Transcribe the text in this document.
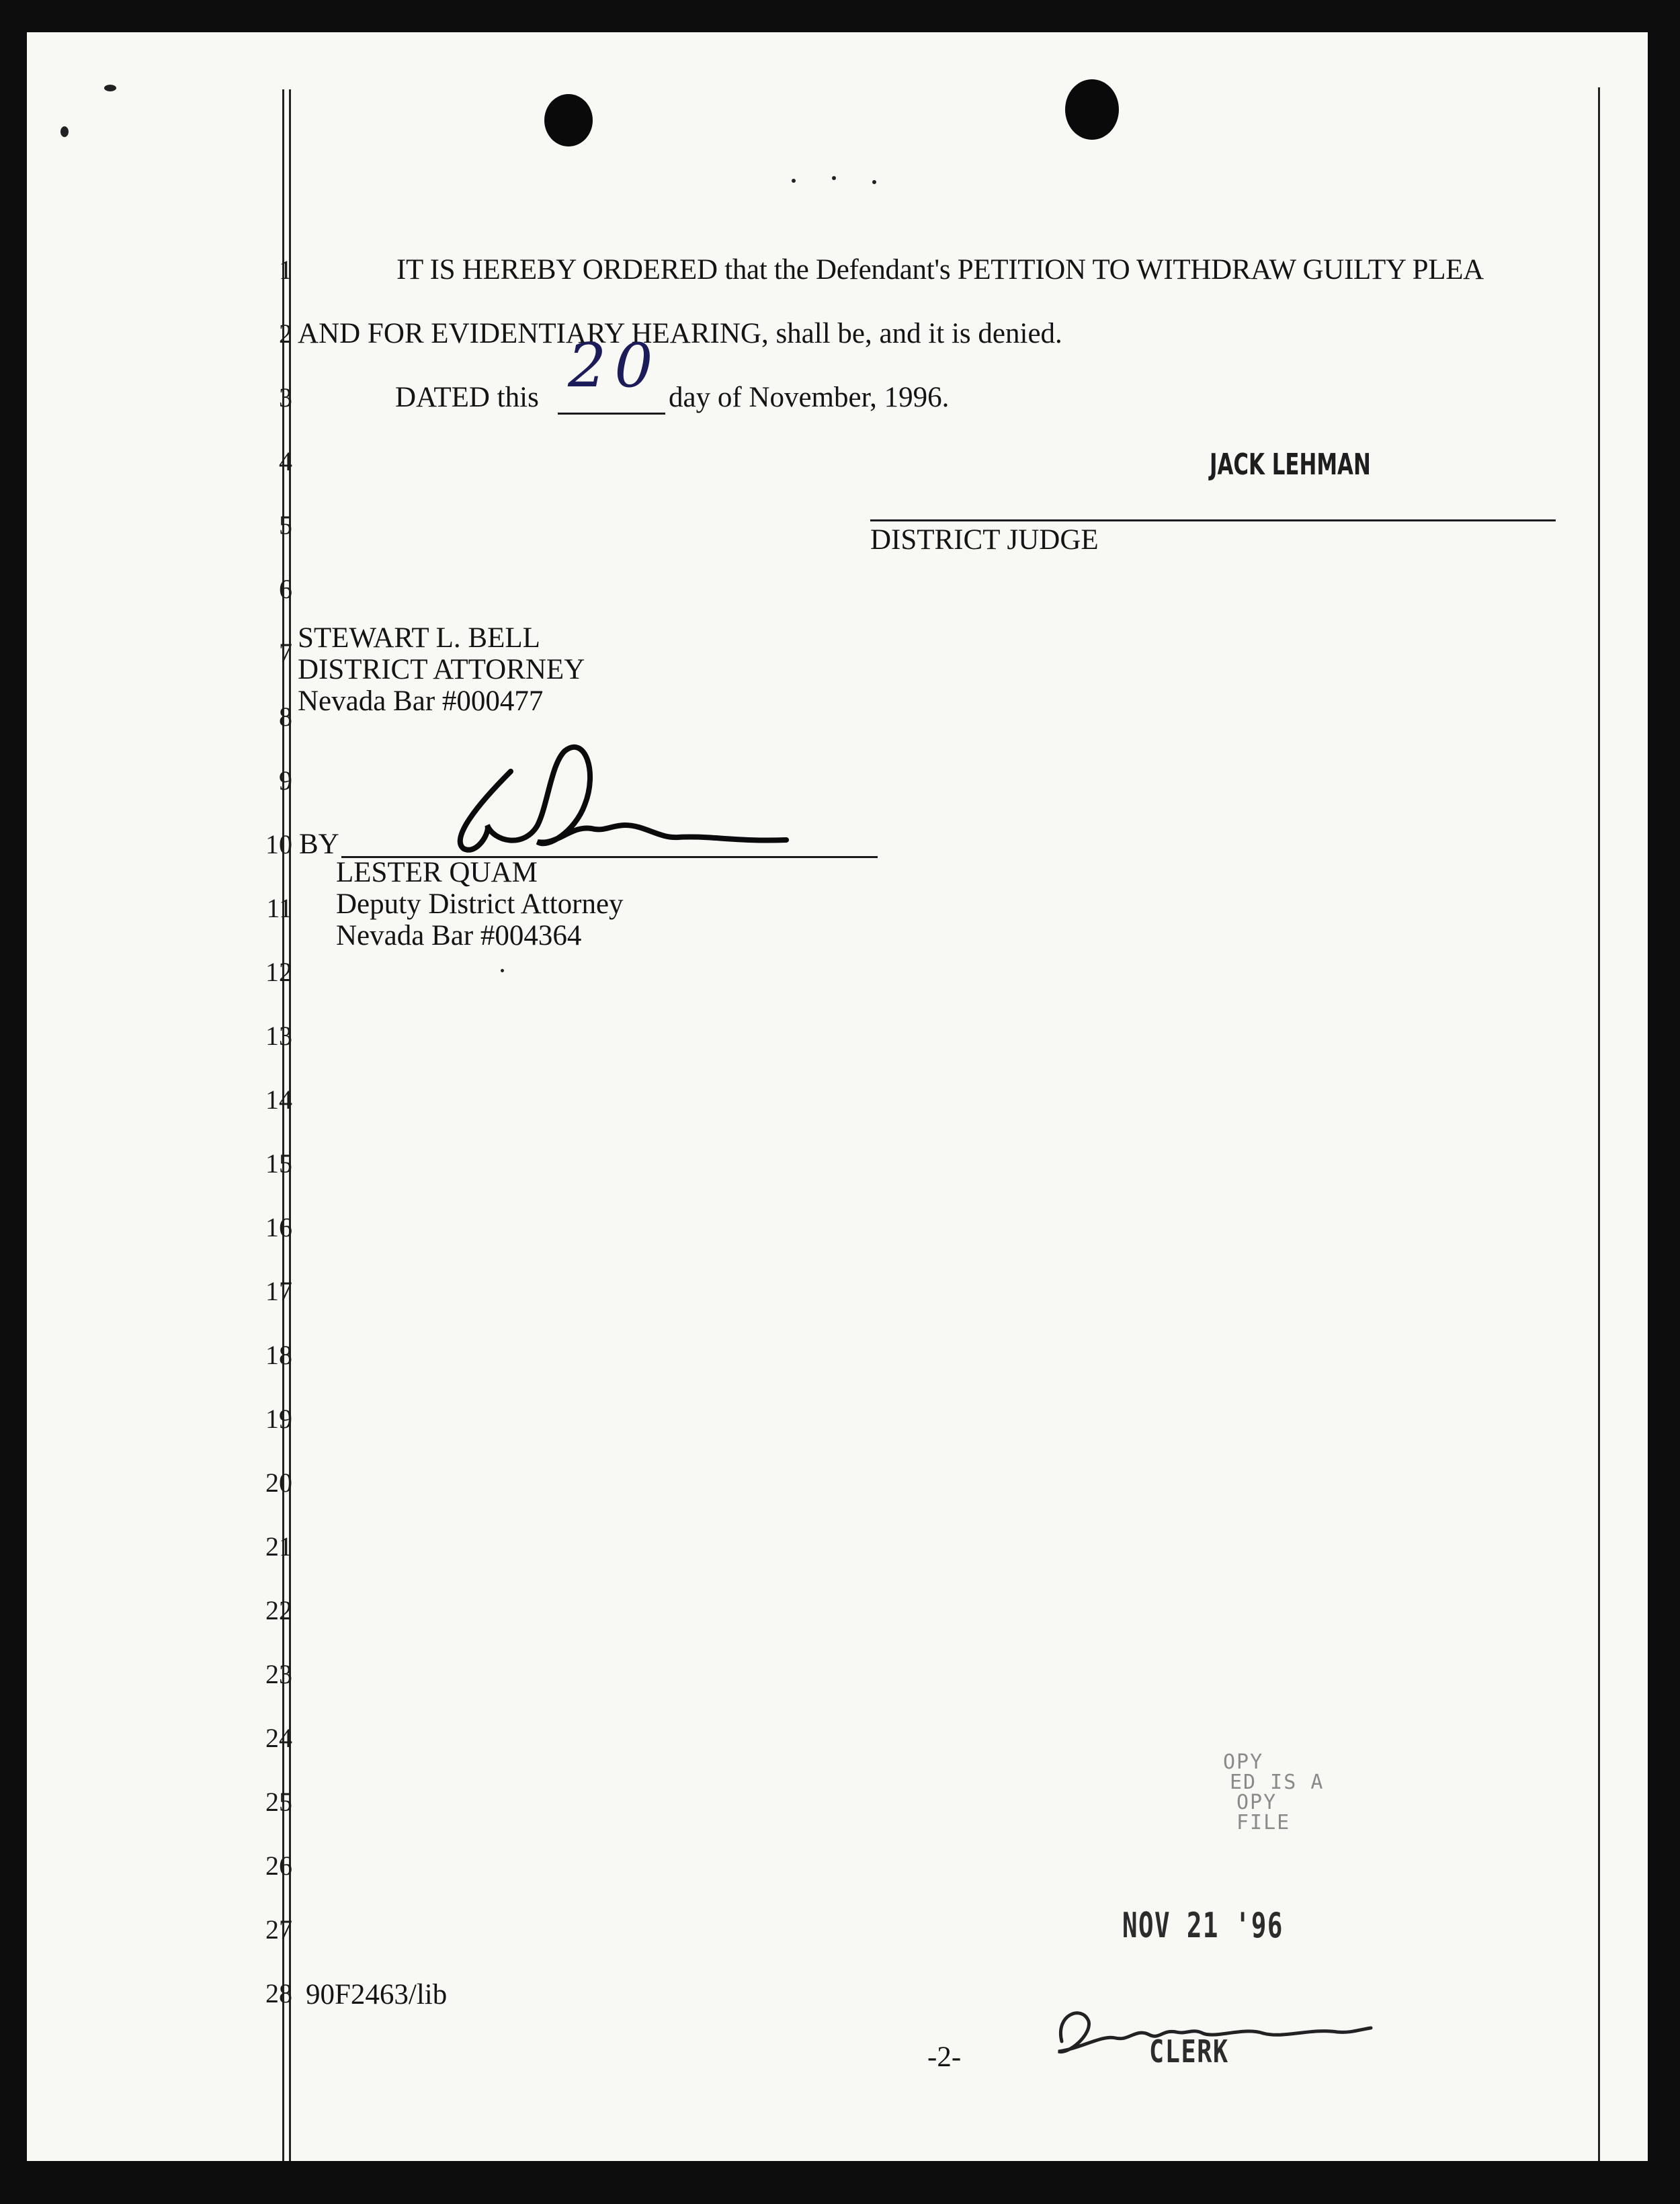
1
2
3
4
5
6
7
8
9
10
11
12
13
14
15
16
17
18
19
20
21
22
23
24
25
26
27
28
IT IS HEREBY ORDERED that the Defendant's PETITION TO WITHDRAW GUILTY PLEA
AND FOR EVIDENTIARY HEARING, shall be, and it is denied.
DATED this 20 day of November, 1996.
JACK LEHMAN
DISTRICT JUDGE
STEWART L. BELL
DISTRICT ATTORNEY
Nevada Bar #000477
BY
LESTER QUAM
Deputy District Attorney
Nevada Bar #004364
90F2463/lib
-2-
OPY
ED IS A
OPY
FILE
NOV 21 '96
CLERK
